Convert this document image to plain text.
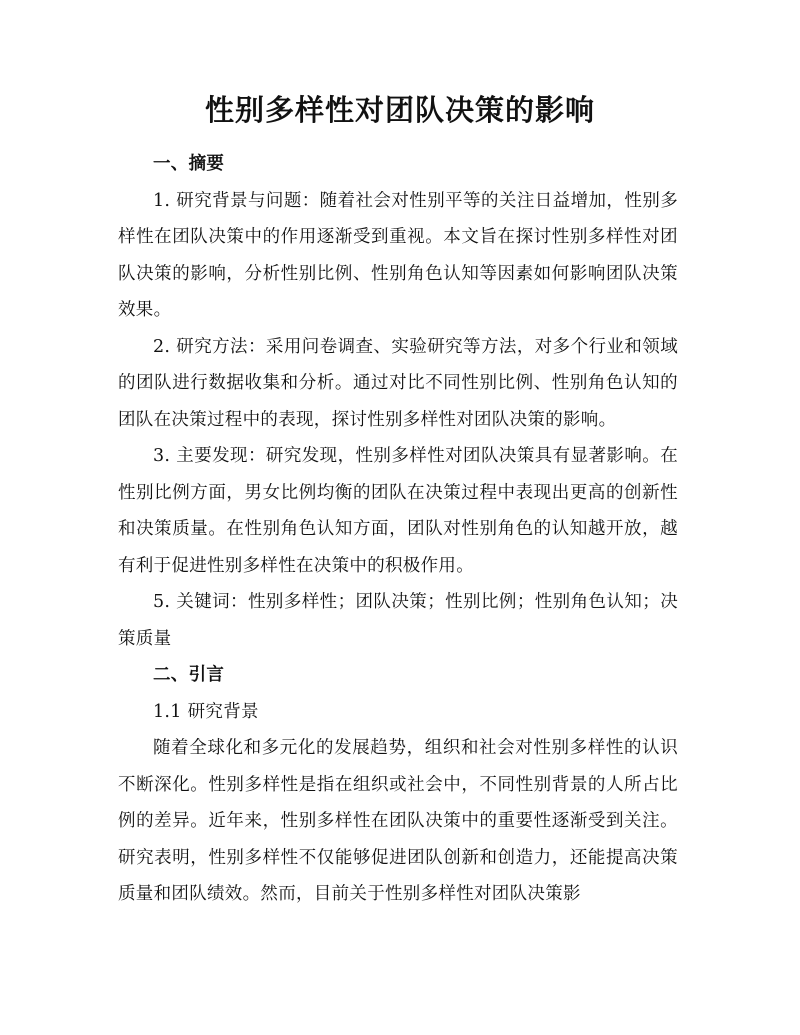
性别多样性对团队决策的影响
一、摘要

1. 研究背景与问题：随着社会对性别平等的关注日益增加，性别多样性在团队决策中的作用逐渐受到重视。本文旨在探讨性别多样性对团队决策的影响，分析性别比例、性别角色认知等因素如何影响团队决策效果。

2. 研究方法：采用问卷调查、实验研究等方法，对多个行业和领域的团队进行数据收集和分析。通过对比不同性别比例、性别角色认知的团队在决策过程中的表现，探讨性别多样性对团队决策的影响。

3. 主要发现：研究发现，性别多样性对团队决策具有显著影响。在性别比例方面，男女比例均衡的团队在决策过程中表现出更高的创新性和决策质量。在性别角色认知方面，团队对性别角色的认知越开放，越有利于促进性别多样性在决策中的积极作用。

5. 关键词：性别多样性；团队决策；性别比例；性别角色认知；决策质量

二、引言

1.1 研究背景

随着全球化和多元化的发展趋势，组织和社会对性别多样性的认识不断深化。性别多样性是指在组织或社会中，不同性别背景的人所占比例的差异。近年来，性别多样性在团队决策中的重要性逐渐受到关注。研究表明，性别多样性不仅能够促进团队创新和创造力，还能提高决策质量和团队绩效。然而，目前关于性别多样性对团队决策影
